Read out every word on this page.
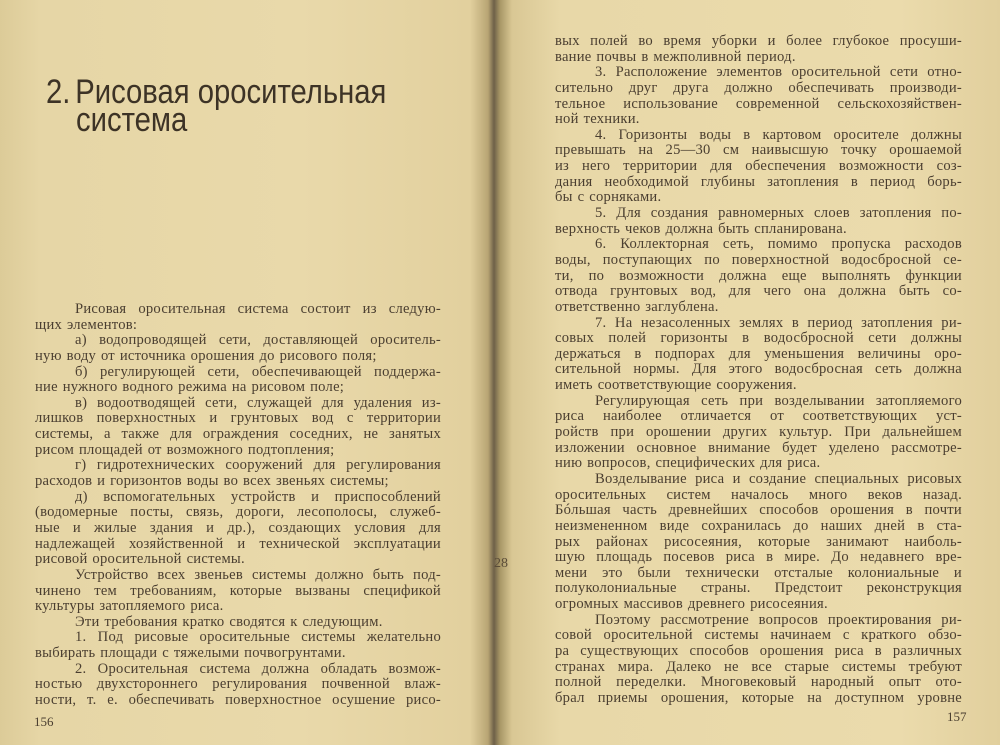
2. Рисовая оросительная
система
Рисовая оросительная система состоит из следую-
щих элементов:
а) водопроводящей сети, доставляющей ороситель-
ную воду от источника орошения до рисового поля;
б) регулирующей сети, обеспечивающей поддержа-
ние нужного водного режима на рисовом поле;
в) водоотводящей сети, служащей для удаления из-
лишков поверхностных и грунтовых вод с территории
системы, а также для ограждения соседних, не занятых
рисом площадей от возможного подтопления;
г) гидротехнических сооружений для регулирования
расходов и горизонтов воды во всех звеньях системы;
д) вспомогательных устройств и приспособлений
(водомерные посты, связь, дороги, лесополосы, служеб-
ные и жилые здания и др.), создающих условия для
надлежащей хозяйственной и технической эксплуатации
рисовой оросительной системы.
Устройство всех звеньев системы должно быть под-
чинено тем требованиям, которые вызваны спецификой
культуры затопляемого риса.
Эти требования кратко сводятся к следующим.
1. Под рисовые оросительные системы желательно
выбирать площади с тяжелыми почвогрунтами.
2. Оросительная система должна обладать возмож-
ностью двухстороннего регулирования почвенной влаж-
ности, т. е. обеспечивать поверхностное осушение рисо-
156
28
вых полей во время уборки и более глубокое просуши-
вание почвы в межполивной период.
3. Расположение элементов оросительной сети отно-
сительно друг друга должно обеспечивать производи-
тельное использование современной сельскохозяйствен-
ной техники.
4. Горизонты воды в картовом оросителе должны
превышать на 25—30 см наивысшую точку орошаемой
из него территории для обеспечения возможности соз-
дания необходимой глубины затопления в период борь-
бы с сорняками.
5. Для создания равномерных слоев затопления по-
верхность чеков должна быть спланирована.
6. Коллекторная сеть, помимо пропуска расходов
воды, поступающих по поверхностной водосбросной се-
ти, по возможности должна еще выполнять функции
отвода грунтовых вод, для чего она должна быть со-
ответственно заглублена.
7. На незасоленных землях в период затопления ри-
совых полей горизонты в водосбросной сети должны
держаться в подпорах для уменьшения величины оро-
сительной нормы. Для этого водосбросная сеть должна
иметь соответствующие сооружения.
Регулирующая сеть при возделывании затопляемого
риса наиболее отличается от соответствующих уст-
ройств при орошении других культур. При дальнейшем
изложении основное внимание будет уделено рассмотре-
нию вопросов, специфических для риса.
Возделывание риса и создание специальных рисовых
оросительных систем началось много веков назад.
Бóльшая часть древнейших способов орошения в почти
неизмененном виде сохранилась до наших дней в ста-
рых районах рисосеяния, которые занимают наиболь-
шую площадь посевов риса в мире. До недавнего вре-
мени это были технически отсталые колониальные и
полуколониальные страны. Предстоит реконструкция
огромных массивов древнего рисосеяния.
Поэтому рассмотрение вопросов проектирования ри-
совой оросительной системы начинаем с краткого обзо-
ра существующих способов орошения риса в различных
странах мира. Далеко не все старые системы требуют
полной переделки. Многовековый народный опыт ото-
брал приемы орошения, которые на доступном уровне
157
